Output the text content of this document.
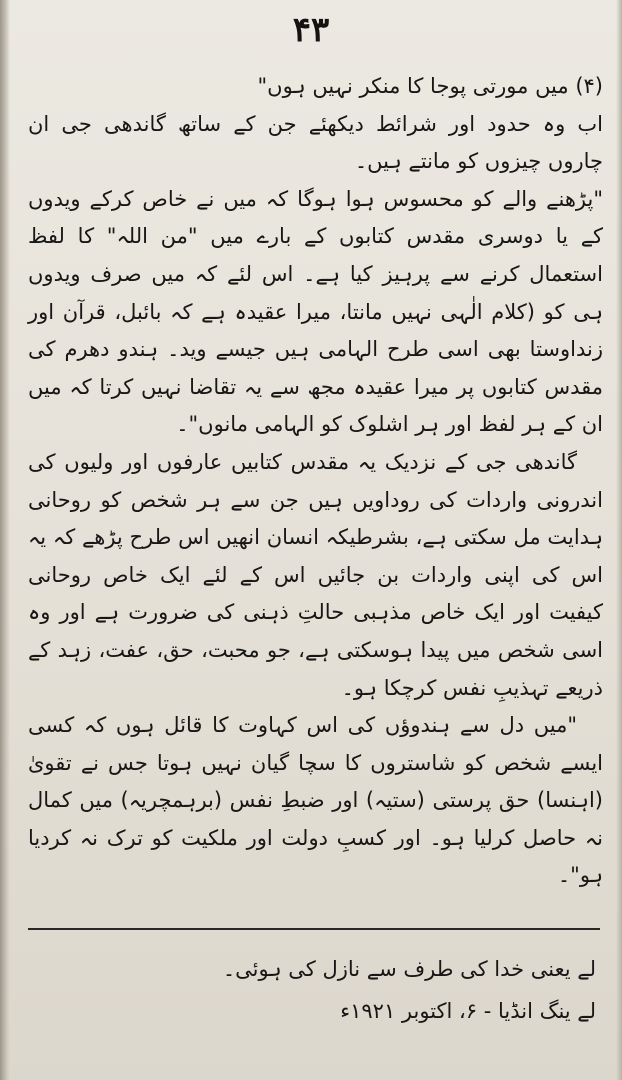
۴۳

(۴) میں مورتی پوجا کا منکر نہیں ہوں"

اب وہ حدود اور شرائط دیکھئے جن کے ساتھ گاندھی جی ان چاروں چیزوں کو مانتے ہیں۔

"پڑھنے والے کو محسوس ہوا ہوگا کہ میں نے خاص کرکے ویدوں کے یا دوسری مقدس کتابوں کے بارے میں "من اللہ" کا لفظ استعمال کرنے سے پرہیز کیا ہے۔ اس لئے کہ میں صرف ویدوں ہی کو (کلام الٰہی نہیں مانتا، میرا عقیدہ ہے کہ بائبل، قرآن اور زنداوستا بھی اسی طرح الہامی ہیں جیسے وید۔ ہندو دھرم کی مقدس کتابوں پر میرا عقیدہ مجھ سے یہ تقاضا نہیں کرتا کہ میں ان کے ہر لفظ اور ہر اشلوک کو الہامی مانوں"۔

گاندھی جی کے نزدیک یہ مقدس کتابیں عارفوں اور ولیوں کی اندرونی واردات کی روداویں ہیں جن سے ہر شخص کو روحانی ہدایت مل سکتی ہے، بشرطیکہ انسان انھیں اس طرح پڑھے کہ یہ اس کی اپنی واردات بن جائیں اس کے لئے ایک خاص روحانی کیفیت اور ایک خاص مذہبی حالتِ ذہنی کی ضرورت ہے اور وہ اسی شخص میں پیدا ہوسکتی ہے، جو محبت، حق، عفت، زہد کے ذریعے تہذیبِ نفس کرچکا ہو۔

"میں دل سے ہندوؤں کی اس کہاوت کا قائل ہوں کہ کسی ایسے شخص کو شاستروں کا سچا گیان نہیں ہوتا جس نے تقویٰ (اہنسا) حق پرستی (ستیہ) اور ضبطِ نفس (برہمچریہ) میں کمال نہ حاصل کرلیا ہو۔ اور کسبِ دولت اور ملکیت کو ترک نہ کردیا ہو"۔

لے یعنی خدا کی طرف سے نازل کی ہوئی۔

لے ینگ انڈیا - ۶، اکتوبر ۱۹۲۱ء
